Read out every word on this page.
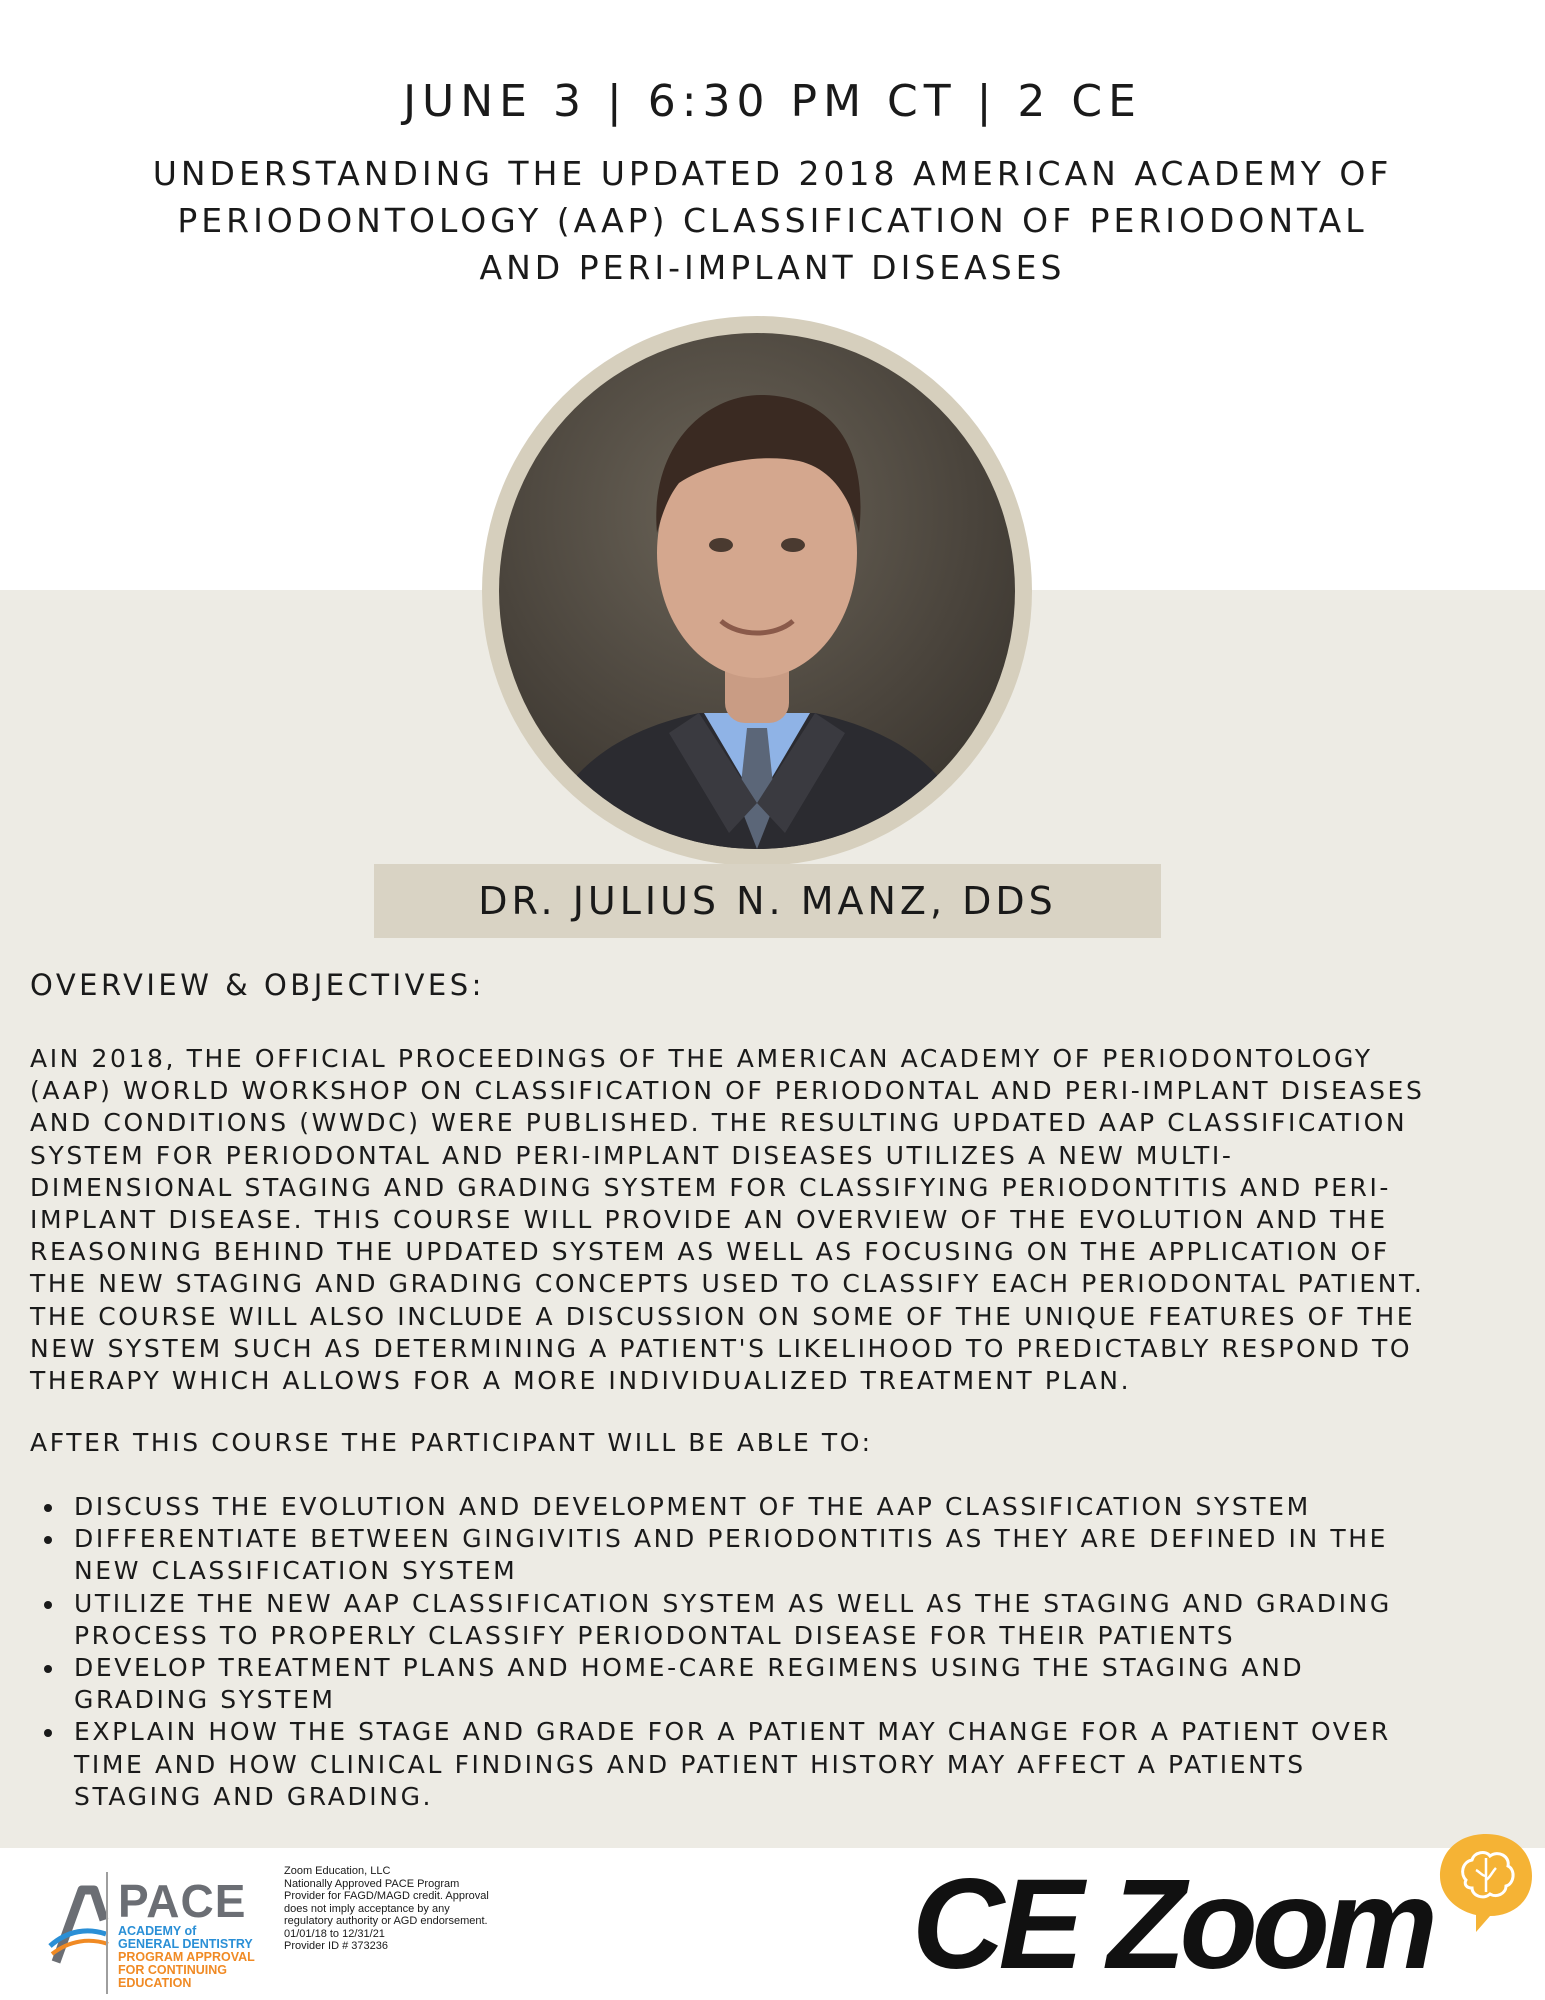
JUNE 3 | 6:30 PM CT | 2 CE
UNDERSTANDING THE UPDATED 2018 AMERICAN ACADEMY OF
PERIODONTOLOGY (AAP) CLASSIFICATION OF PERIODONTAL
AND PERI-IMPLANT DISEASES
DR. JULIUS N. MANZ, DDS
OVERVIEW & OBJECTIVES:
AIN 2018, THE OFFICIAL PROCEEDINGS OF THE AMERICAN ACADEMY OF PERIODONTOLOGY
(AAP) WORLD WORKSHOP ON CLASSIFICATION OF PERIODONTAL AND PERI-IMPLANT DISEASES
AND CONDITIONS (WWDC) WERE PUBLISHED. THE RESULTING UPDATED AAP CLASSIFICATION
SYSTEM FOR PERIODONTAL AND PERI-IMPLANT DISEASES UTILIZES A NEW MULTI-
DIMENSIONAL STAGING AND GRADING SYSTEM FOR CLASSIFYING PERIODONTITIS AND PERI-
IMPLANT DISEASE. THIS COURSE WILL PROVIDE AN OVERVIEW OF THE EVOLUTION AND THE
REASONING BEHIND THE UPDATED SYSTEM AS WELL AS FOCUSING ON THE APPLICATION OF
THE NEW STAGING AND GRADING CONCEPTS USED TO CLASSIFY EACH PERIODONTAL PATIENT.
THE COURSE WILL ALSO INCLUDE A DISCUSSION ON SOME OF THE UNIQUE FEATURES OF THE
NEW SYSTEM SUCH AS DETERMINING A PATIENT'S LIKELIHOOD TO PREDICTABLY RESPOND TO
THERAPY WHICH ALLOWS FOR A MORE INDIVIDUALIZED TREATMENT PLAN.
AFTER THIS COURSE THE PARTICIPANT WILL BE ABLE TO:
DISCUSS THE EVOLUTION AND DEVELOPMENT OF THE AAP CLASSIFICATION SYSTEM
DIFFERENTIATE BETWEEN GINGIVITIS AND PERIODONTITIS AS THEY ARE DEFINED IN THE
NEW CLASSIFICATION SYSTEM
UTILIZE THE NEW AAP CLASSIFICATION SYSTEM AS WELL AS THE STAGING AND GRADING
PROCESS TO PROPERLY CLASSIFY PERIODONTAL DISEASE FOR THEIR PATIENTS
DEVELOP TREATMENT PLANS AND HOME-CARE REGIMENS USING THE STAGING AND
GRADING SYSTEM
EXPLAIN HOW THE STAGE AND GRADE FOR A PATIENT MAY CHANGE FOR A PATIENT OVER
TIME AND HOW CLINICAL FINDINGS AND PATIENT HISTORY MAY AFFECT A PATIENTS
STAGING AND GRADING.
PACE
ACADEMY of
GENERAL DENTISTRY
PROGRAM APPROVAL
FOR CONTINUING
EDUCATION
Zoom Education, LLC
Nationally Approved PACE Program
Provider for FAGD/MAGD credit. Approval
does not imply acceptance by any
regulatory authority or AGD endorsement.
01/01/18 to 12/31/21
Provider ID # 373236	CE Zoom
